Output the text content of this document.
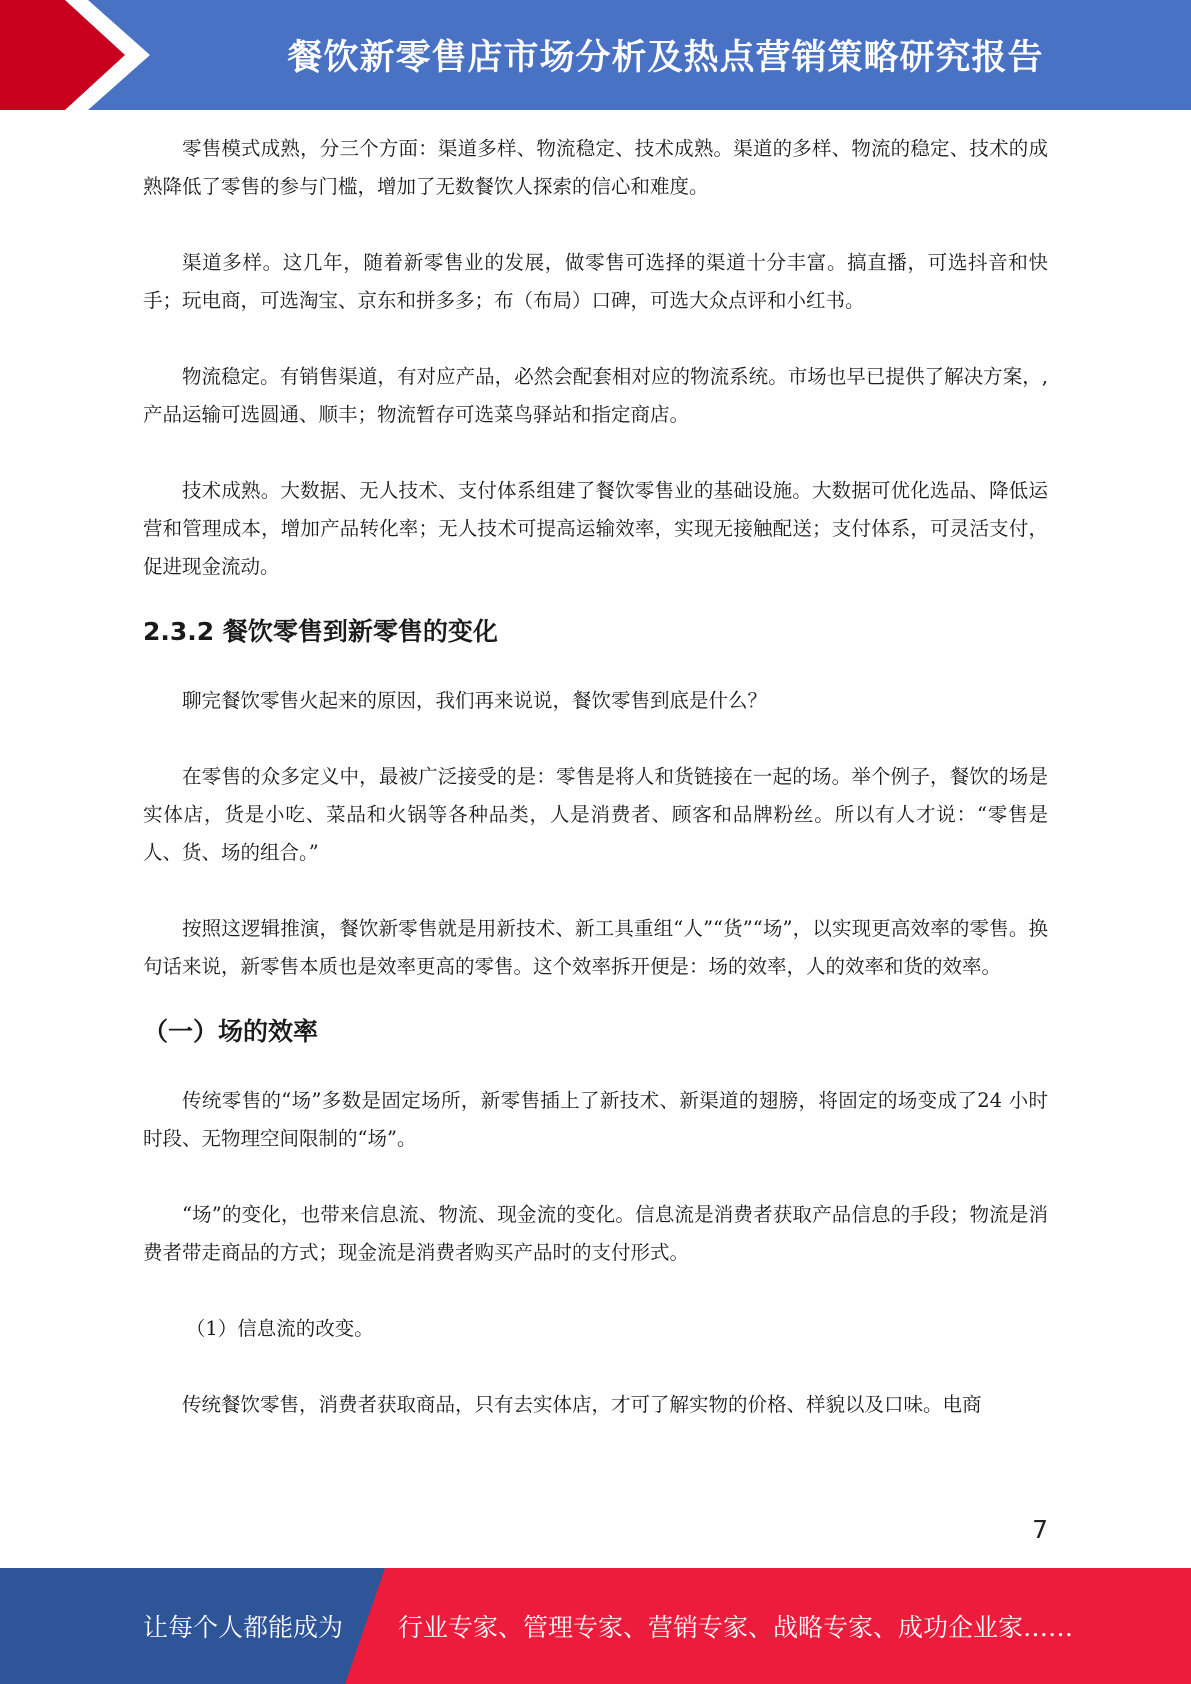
餐饮新零售店市场分析及热点营销策略研究报告

零售模式成熟，分三个方面：渠道多样、物流稳定、技术成熟。渠道的多样、物流的稳定、技术的成熟降低了零售的参与门槛，增加了无数餐饮人探索的信心和难度。

渠道多样。这几年，随着新零售业的发展，做零售可选择的渠道十分丰富。搞直播，可选抖音和快手；玩电商，可选淘宝、京东和拼多多；布（布局）口碑，可选大众点评和小红书。

物流稳定。有销售渠道，有对应产品，必然会配套相对应的物流系统。市场也早已提供了解决方案，,产品运输可选圆通、顺丰；物流暂存可选菜鸟驿站和指定商店。

技术成熟。大数据、无人技术、支付体系组建了餐饮零售业的基础设施。大数据可优化选品、降低运营和管理成本，增加产品转化率；无人技术可提高运输效率，实现无接触配送；支付体系，可灵活支付，促进现金流动。

2.3.2 餐饮零售到新零售的变化

聊完餐饮零售火起来的原因，我们再来说说，餐饮零售到底是什么？

在零售的众多定义中，最被广泛接受的是：零售是将人和货链接在一起的场。举个例子，餐饮的场是实体店，货是小吃、菜品和火锅等各种品类，人是消费者、顾客和品牌粉丝。所以有人才说：“零售是人、货、场的组合。”

按照这逻辑推演，餐饮新零售就是用新技术、新工具重组“人”“货”“场”，以实现更高效率的零售。换句话来说，新零售本质也是效率更高的零售。这个效率拆开便是：场的效率，人的效率和货的效率。

（一）场的效率

传统零售的“场”多数是固定场所，新零售插上了新技术、新渠道的翅膀，将固定的场变成了24 小时时段、无物理空间限制的“场”。

“场”的变化，也带来信息流、物流、现金流的变化。信息流是消费者获取产品信息的手段；物流是消费者带走商品的方式；现金流是消费者购买产品时的支付形式。

（1）信息流的改变。

传统餐饮零售，消费者获取商品，只有去实体店，才可了解实物的价格、样貌以及口味。电商

7
让每个人都能成为 行业专家、管理专家、营销专家、战略专家、成功企业家……
